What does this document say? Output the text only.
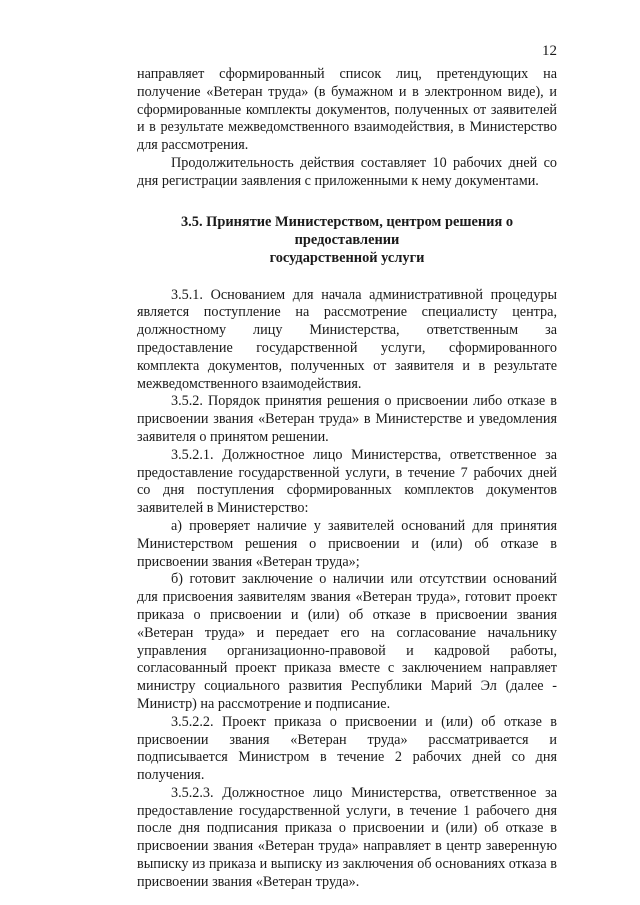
12

направляет сформированный список лиц, претендующих на получение «Ветеран труда» (в бумажном и в электронном виде), и сформированные комплекты документов, полученных от заявителей и в результате межведомственного взаимодействия, в Министерство для рассмотрения.

Продолжительность действия составляет 10 рабочих дней со дня регистрации заявления с приложенными к нему документами.

3.5. Принятие Министерством, центром решения о предоставлении
государственной услуги

3.5.1. Основанием для начала административной процедуры является поступление на рассмотрение специалисту центра, должностному лицу Министерства, ответственным за предоставление государственной услуги, сформированного комплекта документов, полученных от заявителя и в результате межведомственного взаимодействия.

3.5.2. Порядок принятия решения о присвоении либо отказе в присвоении звания «Ветеран труда» в Министерстве и уведомления заявителя о принятом решении.

3.5.2.1. Должностное лицо Министерства, ответственное за предоставление государственной услуги, в течение 7 рабочих дней со дня поступления сформированных комплектов документов заявителей в Министерство:

а) проверяет наличие у заявителей оснований для принятия Министерством решения о присвоении и (или) об отказе в присвоении звания «Ветеран труда»;

б) готовит заключение о наличии или отсутствии оснований для присвоения заявителям звания «Ветеран труда», готовит проект приказа о присвоении и (или) об отказе в присвоении звания «Ветеран труда» и передает его на согласование начальнику управления организационно-правовой и кадровой работы, согласованный проект приказа вместе с заключением направляет министру социального развития Республики Марий Эл (далее - Министр) на рассмотрение и подписание.

3.5.2.2. Проект приказа о присвоении и (или) об отказе в присвоении звания «Ветеран труда» рассматривается и подписывается Министром в течение 2 рабочих дней со дня получения.

3.5.2.3. Должностное лицо Министерства, ответственное за предоставление государственной услуги, в течение 1 рабочего дня после дня подписания приказа о присвоении и (или) об отказе в присвоении звания «Ветеран труда» направляет в центр заверенную выписку из приказа и выписку из заключения об основаниях отказа в присвоении звания «Ветеран труда».
